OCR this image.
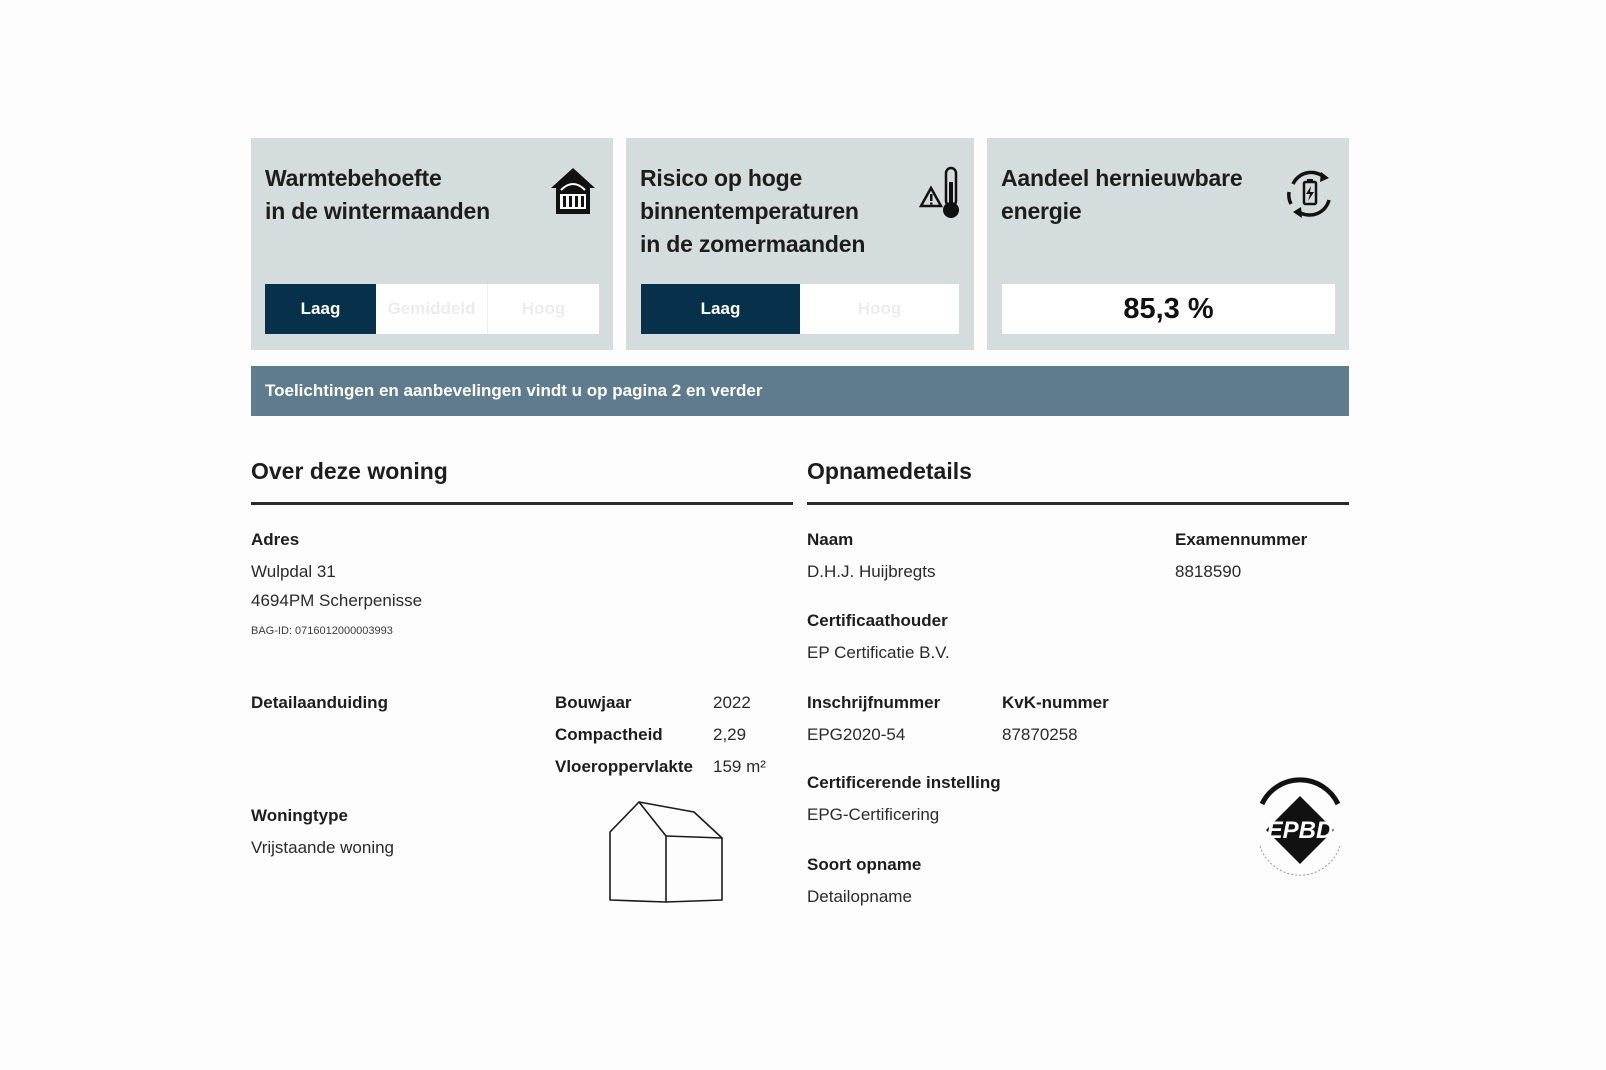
Warmtebehoefte
in de wintermaanden
Laag	Gemiddeld	Hoog
Risico op hoge
binnentemperaturen
in de zomermaanden
Laag	Hoog
Aandeel hernieuwbare
energie
85,3 %
Toelichtingen en aanbevelingen vindt u op pagina 2 en verder
Over deze woning
Adres
Wulpdal 31
4694PM Scherpenisse
BAG-ID: 0716012000003993
Detailaanduiding	Bouwjaar	2022
Compactheid	2,29
Vloeroppervlakte 159 m²
Woningtype
Vrijstaande woning
Opnamedetails
Naam
D.H.J. Huijbregts
Examennummer
8818590
Certificaathouder
EP Certificatie B.V.
Inschrijfnummer
EPG2020-54
KvK-nummer
87870258
Certificerende instelling
EPG-Certificering
Soort opname
Detailopname
EPBD
